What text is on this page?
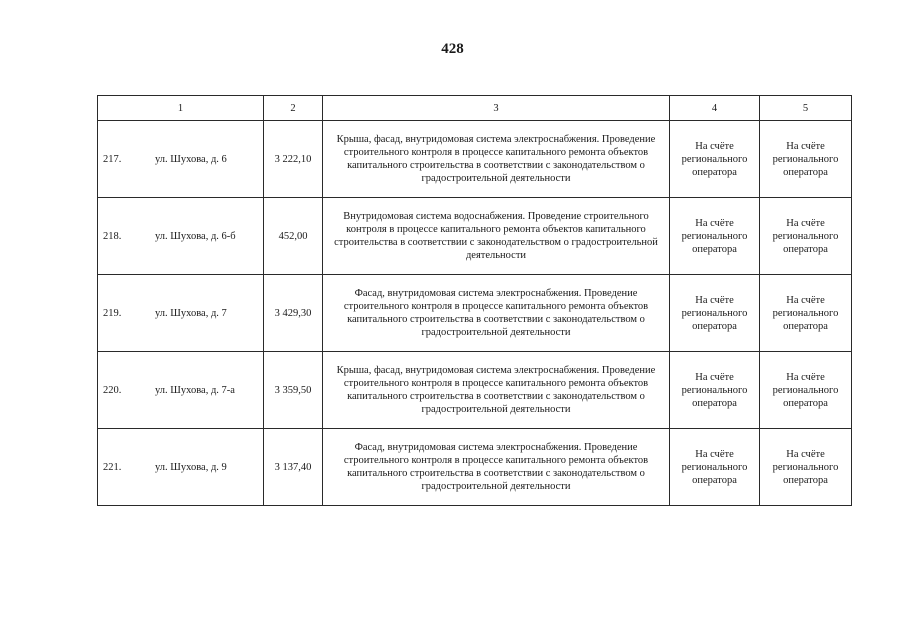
428
1	2	3	4	5
217. ул. Шухова, д. 6	3 222,10	Крыша, фасад, внутридомовая система электроснабжения. Проведение строительного контроля в процессе капитального ремонта объектов капитального строительства в соответствии с законодательством о градостроительной деятельности	На счёте регионального оператора	На счёте регионального оператора
218. ул. Шухова, д. 6-б	452,00	Внутридомовая система водоснабжения. Проведение строительного контроля в процессе капитального ремонта объектов капитального строительства в соответствии с законодательством о градостроительной деятельности	На счёте регионального оператора	На счёте регионального оператора
219. ул. Шухова, д. 7	3 429,30	Фасад, внутридомовая система электроснабжения. Проведение строительного контроля в процессе капитального ремонта объектов капитального строительства в соответствии с законодательством о градостроительной деятельности	На счёте регионального оператора	На счёте регионального оператора
220. ул. Шухова, д. 7-а	3 359,50	Крыша, фасад, внутридомовая система электроснабжения. Проведение строительного контроля в процессе капитального ремонта объектов капитального строительства в соответствии с законодательством о градостроительной деятельности	На счёте регионального оператора	На счёте регионального оператора
221. ул. Шухова, д. 9	3 137,40	Фасад, внутридомовая система электроснабжения. Проведение строительного контроля в процессе капитального ремонта объектов капитального строительства в соответствии с законодательством о градостроительной деятельности	На счёте регионального оператора	На счёте регионального оператора
